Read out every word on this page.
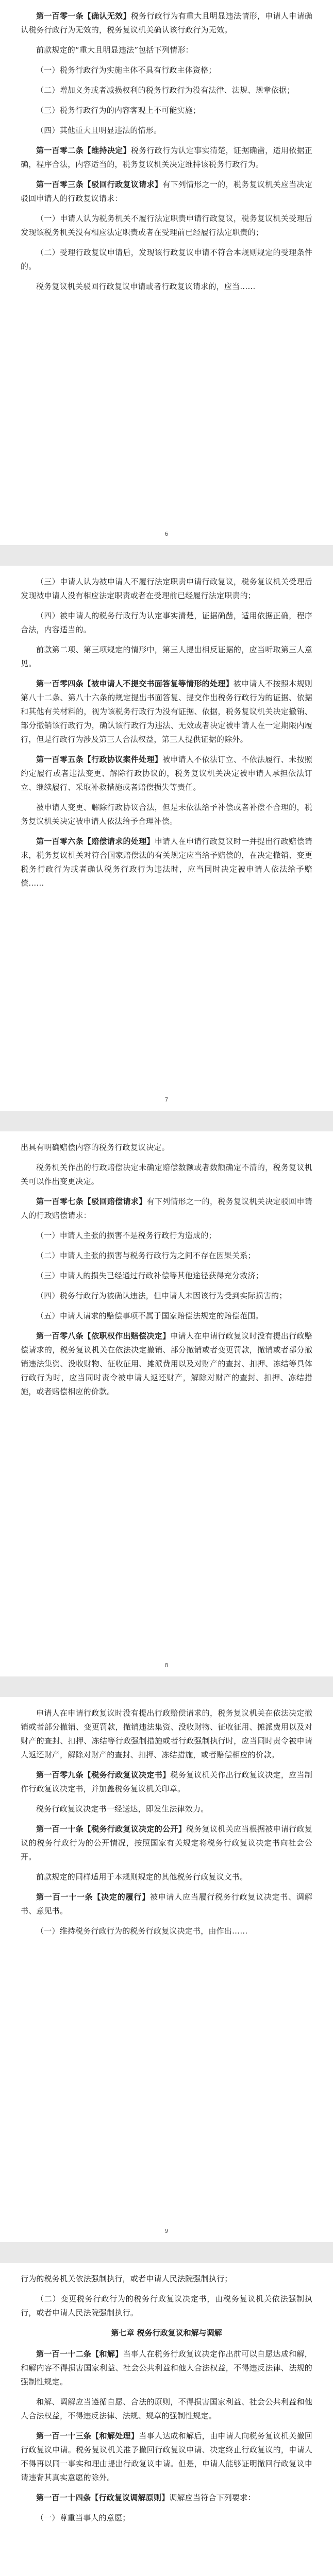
第一百零一条【确认无效】税务行政行为有重大且明显违法情形，申请人申请确认税务行政行为无效的，税务复议机关确认该行政行为无效。

前款规定的“重大且明显违法”包括下列情形：

（一）税务行政行为实施主体不具有行政主体资格；

（二）增加义务或者减损权利的税务行政行为没有法律、法规、规章依据；

（三）税务行政行为的内容客观上不可能实施；

（四）其他重大且明显违法的情形。

第一百零二条【维持决定】税务行政行为认定事实清楚，证据确凿，适用依据正确，程序合法，内容适当的，税务复议机关决定维持该税务行政行为。

第一百零三条【驳回行政复议请求】有下列情形之一的，税务复议机关应当决定驳回申请人的行政复议请求：

（一）申请人认为税务机关不履行法定职责申请行政复议，税务复议机关受理后发现该税务机关没有相应法定职责或者在受理前已经履行法定职责的；

（二）受理行政复议申请后，发现该行政复议申请不符合本规则规定的受理条件的。

税务复议机关驳回行政复议申请或者行政复议请求的，应当……

6

（三）申请人认为被申请人不履行法定职责申请行政复议，税务复议机关受理后发现被申请人没有相应法定职责或者在受理前已经履行法定职责的；

（四）被申请人的税务行政行为认定事实清楚，证据确凿，适用依据正确，程序合法，内容适当的。

前款第二项、第三项规定的情形中，第三人提出相反证据的，应当听取第三人意见。

第一百零四条【被申请人不提交书面答复等情形的处理】被申请人不按照本规则第八十二条、第八十六条的规定提出书面答复、提交作出税务行政行为的证据、依据和其他有关材料的，视为该税务行政行为没有证据、依据，税务复议机关决定撤销、部分撤销该行政行为，确认该行政行为违法、无效或者决定被申请人在一定期限内履行，但是行政行为涉及第三人合法权益，第三人提供证据的除外。

第一百零五条【行政协议案件处理】被申请人不依法订立、不依法履行、未按照约定履行或者违法变更、解除行政协议的，税务复议机关决定被申请人承担依法订立、继续履行、采取补救措施或者赔偿损失等责任。

被申请人变更、解除行政协议合法，但是未依法给予补偿或者补偿不合理的，税务复议机关决定被申请人依法给予合理补偿。

第一百零六条【赔偿请求的处理】申请人在申请行政复议时一并提出行政赔偿请求，税务复议机关对符合国家赔偿法的有关规定应当给予赔偿的，在决定撤销、变更税务行政行为或者确认税务行政行为违法时，应当同时决定被申请人依法给予赔偿……

7

出具有明确赔偿内容的税务行政复议决定。

税务机关作出的行政赔偿决定未确定赔偿数额或者数额确定不清的，税务复议机关可以作出变更决定。

第一百零七条【驳回赔偿请求】有下列情形之一的，税务复议机关决定驳回申请人的行政赔偿请求：

（一）申请人主张的损害不是税务行政行为造成的；

（二）申请人主张的损害与税务行政行为之间不存在因果关系；

（三）申请人的损失已经通过行政补偿等其他途径获得充分救济；

（四）税务行政行为被确认违法，但申请人未因该行为受到实际损害的；

（五）申请人请求的赔偿事项不属于国家赔偿法规定的赔偿范围。

第一百零八条【依职权作出赔偿决定】申请人在申请行政复议时没有提出行政赔偿请求的，税务复议机关在依法决定撤销、部分撤销或者变更罚款，撤销或者部分撤销违法集资、没收财物、征收征用、摊派费用以及对财产的查封、扣押、冻结等具体行政行为时，应当同时责令被申请人返还财产，解除对财产的查封、扣押、冻结措施，或者赔偿相应的价款。

8

申请人在申请行政复议时没有提出行政赔偿请求的，税务复议机关在依法决定撤销或者部分撤销、变更罚款，撤销违法集资、没收财物、征收征用、摊派费用以及对财产的查封、扣押、冻结等行政强制措施或者行政强制执行时，应当同时责令被申请人返还财产，解除对财产的查封、扣押、冻结措施，或者赔偿相应的价款。

第一百零九条【税务行政复议决定书】税务复议机关作出行政复议决定，应当制作行政复议决定书，并加盖税务复议机关印章。

税务行政复议决定书一经送达，即发生法律效力。

第一百一十条【税务行政复议决定的公开】税务复议机关应当根据被申请行政复议的税务行政行为的公开情况，按照国家有关规定将税务行政复议决定书向社会公开。

前款规定的同样适用于本规则规定的其他税务行政复议文书。

第一百一十一条【决定的履行】被申请人应当履行税务行政复议决定书、调解书、意见书。

（一）维持税务行政行为的税务行政复议决定书，由作出……

9

行为的税务机关依法强制执行，或者申请人民法院强制执行；

（二）变更税务行政行为的税务行政复议决定书，由税务复议机关依法强制执行，或者申请人民法院强制执行。

第七章 税务行政复议和解与调解

第一百一十二条【和解】当事人在税务行政复议决定作出前可以自愿达成和解，和解内容不得损害国家利益、社会公共利益和他人合法权益，不得违反法律、法规的强制性规定。

和解、调解应当遵循自愿、合法的原则，不得损害国家利益、社会公共利益和他人合法权益，不得违反法律、法规、规章的强制性规定。

第一百一十三条【和解处理】当事人达成和解后，由申请人向税务复议机关撤回行政复议申请。税务复议机关准予撤回行政复议申请、决定终止行政复议的，申请人不得再以同一事实和理由提出行政复议申请。但是，申请人能够证明撤回行政复议申请违背其真实意愿的除外。

第一百一十四条【行政复议调解原则】调解应当符合下列要求：

（一）尊重当事人的意愿；
